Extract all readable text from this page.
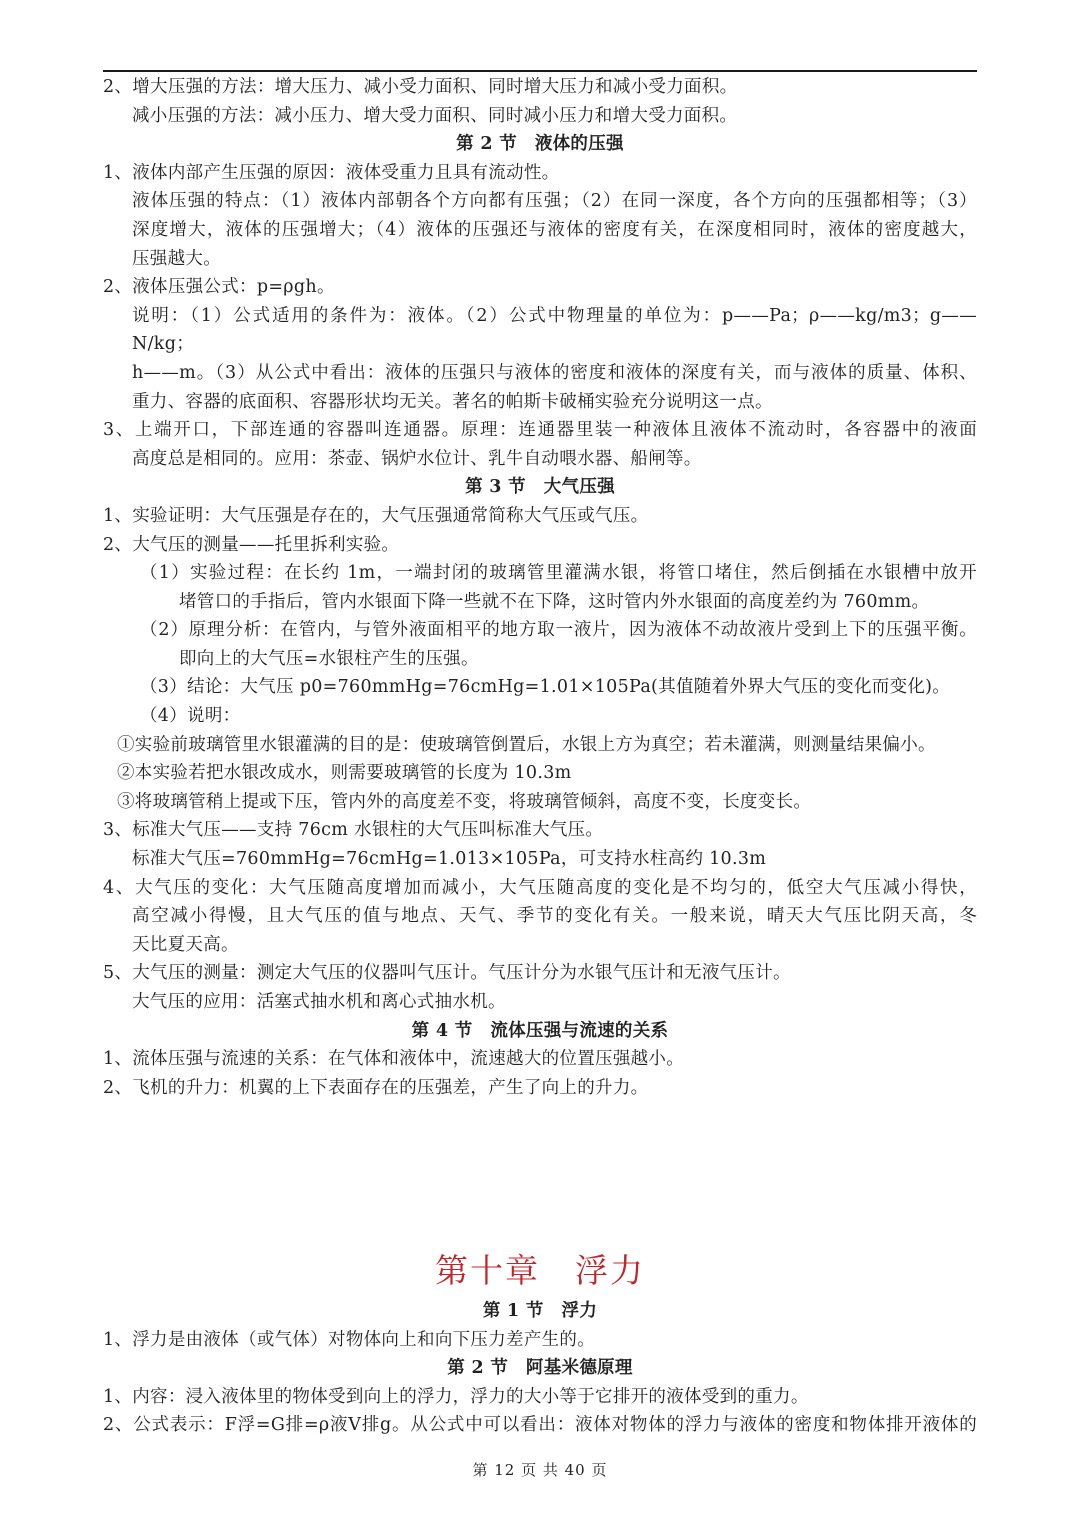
2、增大压强的方法：增大压力、减小受力面积、同时增大压力和减小受力面积。
减小压强的方法：减小压力、增大受力面积、同时减小压力和增大受力面积。
第 2 节　液体的压强
1、液体内部产生压强的原因：液体受重力且具有流动性。
液体压强的特点：（1）液体内部朝各个方向都有压强；（2）在同一深度，各个方向的压强都相等；（3）
深度增大，液体的压强增大；（4）液体的压强还与液体的密度有关，在深度相同时，液体的密度越大，
压强越大。
2、液体压强公式：p=ρgh。
说明：（1）公式适用的条件为：液体。（2）公式中物理量的单位为：p——Pa；ρ——kg/m3；g——N/kg；
h——m。（3）从公式中看出：液体的压强只与液体的密度和液体的深度有关，而与液体的质量、体积、
重力、容器的底面积、容器形状均无关。著名的帕斯卡破桶实验充分说明这一点。
3、上端开口，下部连通的容器叫连通器。原理：连通器里装一种液体且液体不流动时，各容器中的液面
高度总是相同的。应用：茶壶、锅炉水位计、乳牛自动喂水器、船闸等。
第 3 节　大气压强
1、实验证明：大气压强是存在的，大气压强通常简称大气压或气压。
2、大气压的测量——托里拆利实验。
（1）实验过程：在长约 1m，一端封闭的玻璃管里灌满水银，将管口堵住，然后倒插在水银槽中放开
堵管口的手指后，管内水银面下降一些就不在下降，这时管内外水银面的高度差约为 760mm。
（2）原理分析：在管内，与管外液面相平的地方取一液片，因为液体不动故液片受到上下的压强平衡。
即向上的大气压=水银柱产生的压强。
（3）结论：大气压 p0=760mmHg=76cmHg=1.01×105Pa(其值随着外界大气压的变化而变化)。
（4）说明：
①实验前玻璃管里水银灌满的目的是：使玻璃管倒置后，水银上方为真空；若未灌满，则测量结果偏小。
②本实验若把水银改成水，则需要玻璃管的长度为 10.3m
③将玻璃管稍上提或下压，管内外的高度差不变，将玻璃管倾斜，高度不变，长度变长。
3、标准大气压——支持 76cm 水银柱的大气压叫标准大气压。
标准大气压=760mmHg=76cmHg=1.013×105Pa，可支持水柱高约 10.3m
4、大气压的变化：大气压随高度增加而减小，大气压随高度的变化是不均匀的，低空大气压减小得快，
高空减小得慢，且大气压的值与地点、天气、季节的变化有关。一般来说，晴天大气压比阴天高，冬
天比夏天高。
5、大气压的测量：测定大气压的仪器叫气压计。气压计分为水银气压计和无液气压计。
大气压的应用：活塞式抽水机和离心式抽水机。
第 4 节　流体压强与流速的关系
1、流体压强与流速的关系：在气体和液体中，流速越大的位置压强越小。
2、飞机的升力：机翼的上下表面存在的压强差，产生了向上的升力。
第十章　浮力
第 1 节　浮力
1、浮力是由液体（或气体）对物体向上和向下压力差产生的。
第 2 节　阿基米德原理
1、内容：浸入液体里的物体受到向上的浮力，浮力的大小等于它排开的液体受到的重力。
2、公式表示：F浮=G排=ρ液V排g。从公式中可以看出：液体对物体的浮力与液体的密度和物体排开液体的
第 12 页 共 40 页
